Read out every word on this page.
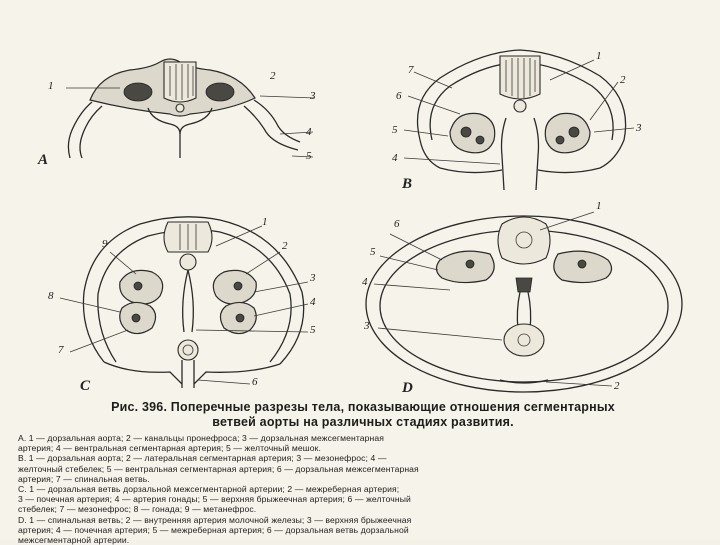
A
1
2
3
4
5
B
7
1
6
2
3
5
4
C
9
1
2
3
8	4
5
7
6	D
6
1
5
4
3
2
Рис. 396. Поперечные разрезы тела, показывающие отношения сегментарных
ветвей аорты на различных стадиях развития.
A. 1 — дорзальная аорта; 2 — канальцы пронефроса; 3 — дорзальная межсегментарная
артерия; 4 — вентральная сегментарная артерия; 5 — желточный мешок.
B. 1 — дорзальная аорта; 2 — латеральная сегментарная артерия; 3 — мезонефрос; 4 —
желточный стебелек; 5 — вентральная сегментарная артерия; 6 — дорзальная межсегментарная
артерия; 7 — спинальная ветвь.
C. 1 — дорзальная ветвь дорзальной межсегментарной артерии; 2 — межреберная артерия;
3 — почечная артерия; 4 — артерия гонады; 5 — верхняя брыжеечная артерия; 6 — желточный
стебелек; 7 — мезонефрос; 8 — гонада; 9 — метанефрос.
D. 1 — спинальная ветвь; 2 — внутренняя артерия молочной железы; 3 — верхняя брыжеечная
артерия; 4 — почечная артерия; 5 — межреберная артерия; 6 — дорзальная ветвь дорзальной
межсегментарной артерии.
